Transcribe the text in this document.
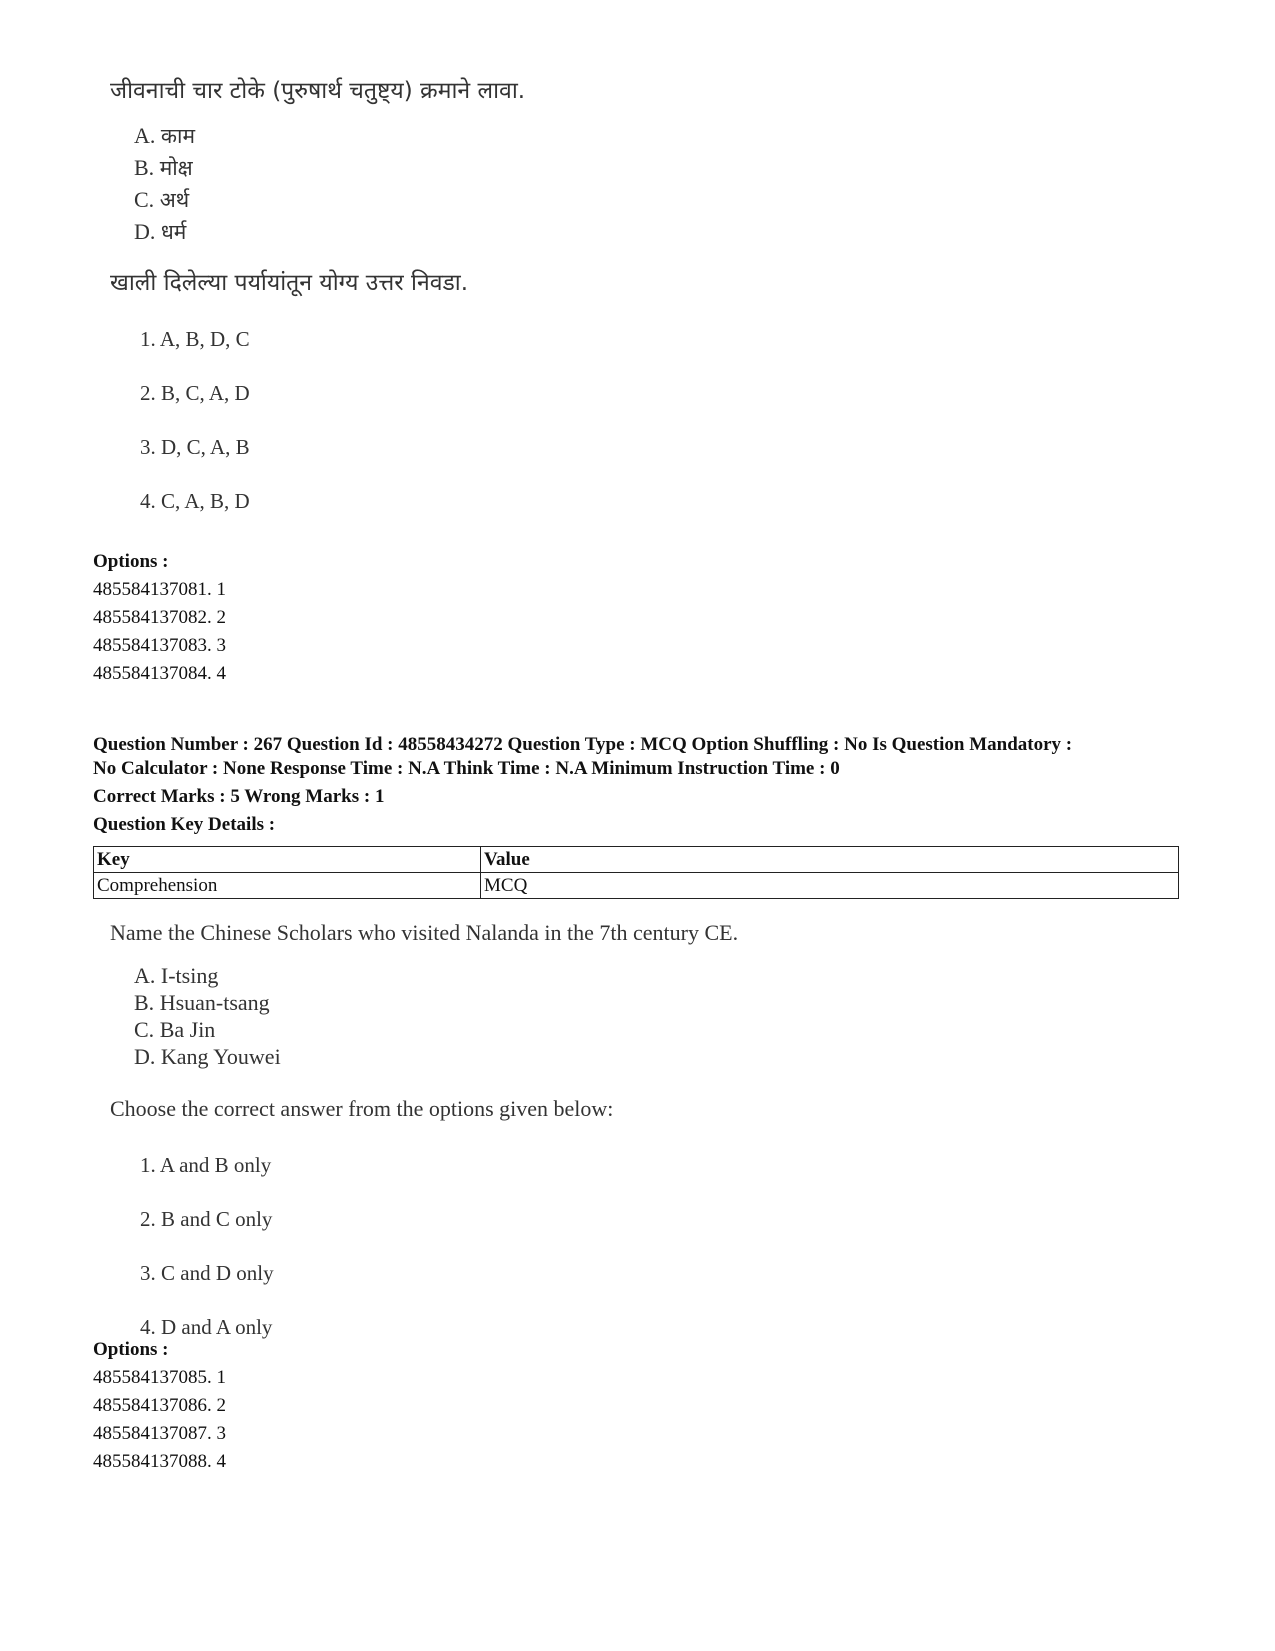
जीवनाची चार टोके (पुरुषार्थ चतुष्ट्य) क्रमाने लावा.

A. काम
B. मोक्ष
C. अर्थ
D. धर्म

खाली दिलेल्या पर्यायांतून योग्य उत्तर निवडा.

1. A, B, D, C
2. B, C, A, D
3. D, C, A, B
4. C, A, B, D
Options :
485584137081. 1
485584137082. 2
485584137083. 3
485584137084. 4
Question Number : 267 Question Id : 48558434272 Question Type : MCQ Option Shuffling : No Is Question Mandatory :
No Calculator : None Response Time : N.A Think Time : N.A Minimum Instruction Time : 0
Correct Marks : 5 Wrong Marks : 1
Question Key Details :
Key	Value
Comprehension	MCQ

Name the Chinese Scholars who visited Nalanda in the 7th century CE.

A. I-tsing
B. Hsuan-tsang
C. Ba Jin
D. Kang Youwei

Choose the correct answer from the options given below:

1. A and B only
2. B and C only
3. C and D only
4. D and A only
Options :
485584137085. 1
485584137086. 2
485584137087. 3
485584137088. 4
